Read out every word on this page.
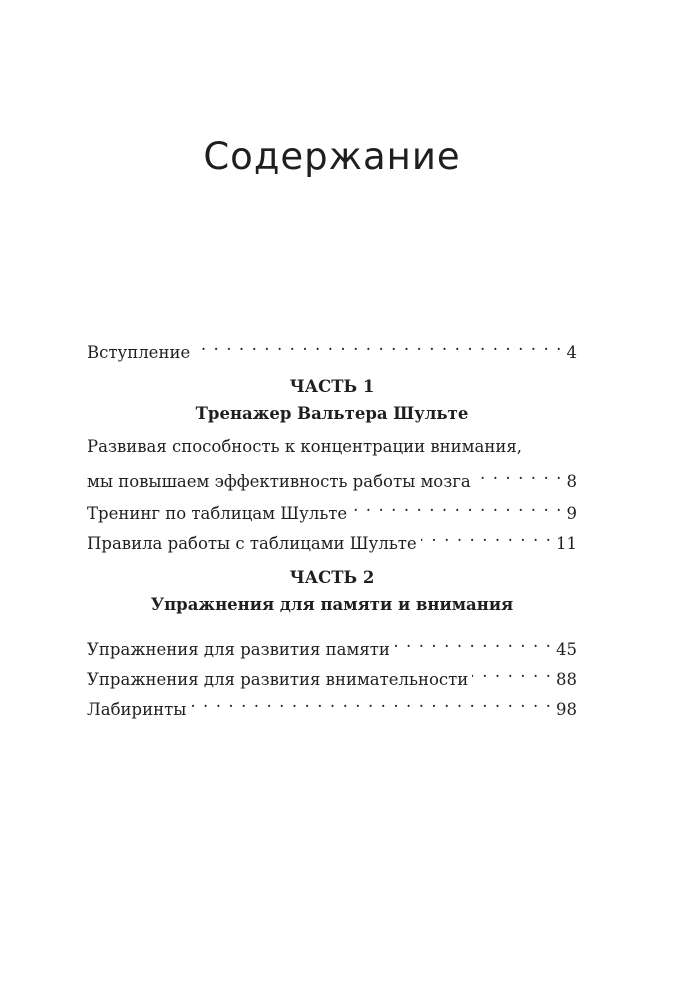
Содержание
Вступление . . .	4
ЧАСТЬ 1
Тренажер Вальтера Шульте
Развивая способность к концентрации внимания,
мы повышаем эффективность работы мозга . . .	8
Тренинг по таблицам Шульте . . .	9
Правила работы с таблицами Шульте . . .	11
ЧАСТЬ 2
Упражнения для памяти и внимания
Упражнения для развития памяти . . .	45
Упражнения для развития внимательности . . .	88
Лабиринты . . .	98
